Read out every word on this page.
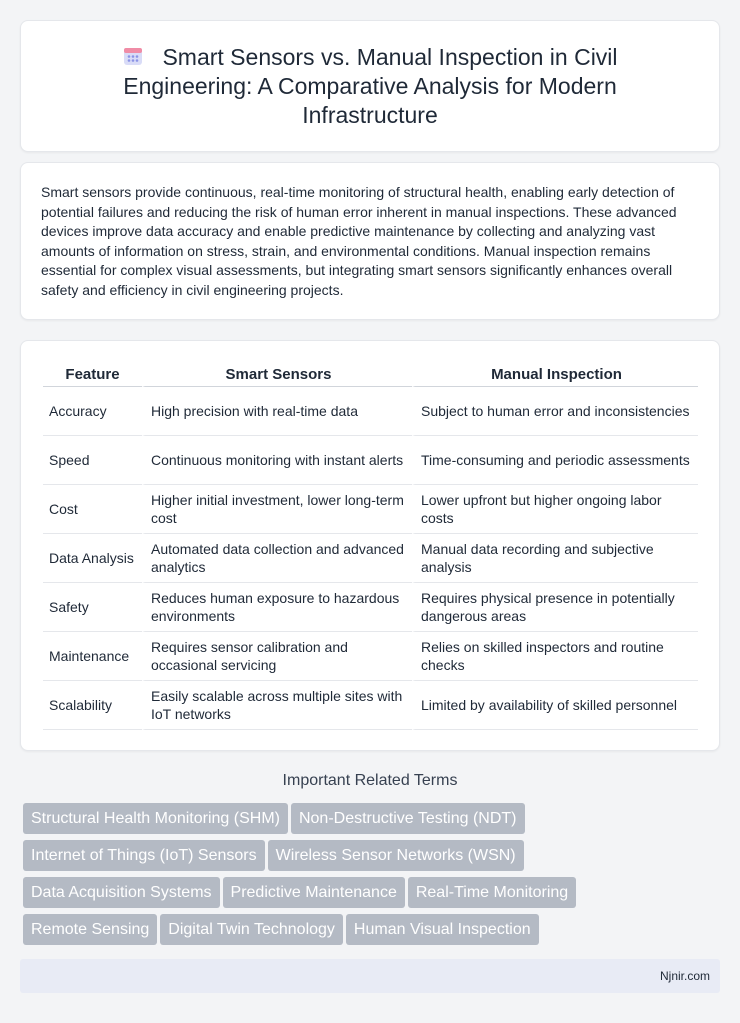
Smart Sensors vs. Manual Inspection in Civil Engineering: A Comparative Analysis for Modern Infrastructure

Smart sensors provide continuous, real-time monitoring of structural health, enabling early detection of potential failures and reducing the risk of human error inherent in manual inspections. These advanced devices improve data accuracy and enable predictive maintenance by collecting and analyzing vast amounts of information on stress, strain, and environmental conditions. Manual inspection remains essential for complex visual assessments, but integrating smart sensors significantly enhances overall safety and efficiency in civil engineering projects.

Feature	Smart Sensors	Manual Inspection
Accuracy	High precision with real-time data	Subject to human error and inconsistencies
Speed	Continuous monitoring with instant alerts	Time-consuming and periodic assessments
Cost	Higher initial investment, lower long-term cost	Lower upfront but higher ongoing labor costs
Data Analysis	Automated data collection and advanced analytics	Manual data recording and subjective analysis
Safety	Reduces human exposure to hazardous environments	Requires physical presence in potentially dangerous areas
Maintenance	Requires sensor calibration and occasional servicing	Relies on skilled inspectors and routine checks
Scalability	Easily scalable across multiple sites with IoT networks	Limited by availability of skilled personnel
Important Related Terms
Structural Health Monitoring (SHM) Non-Destructive Testing (NDT)
Internet of Things (IoT) Sensors Wireless Sensor Networks (WSN)
Data Acquisition Systems Predictive Maintenance Real-Time Monitoring
Remote Sensing Digital Twin Technology Human Visual Inspection
Njnir.com
